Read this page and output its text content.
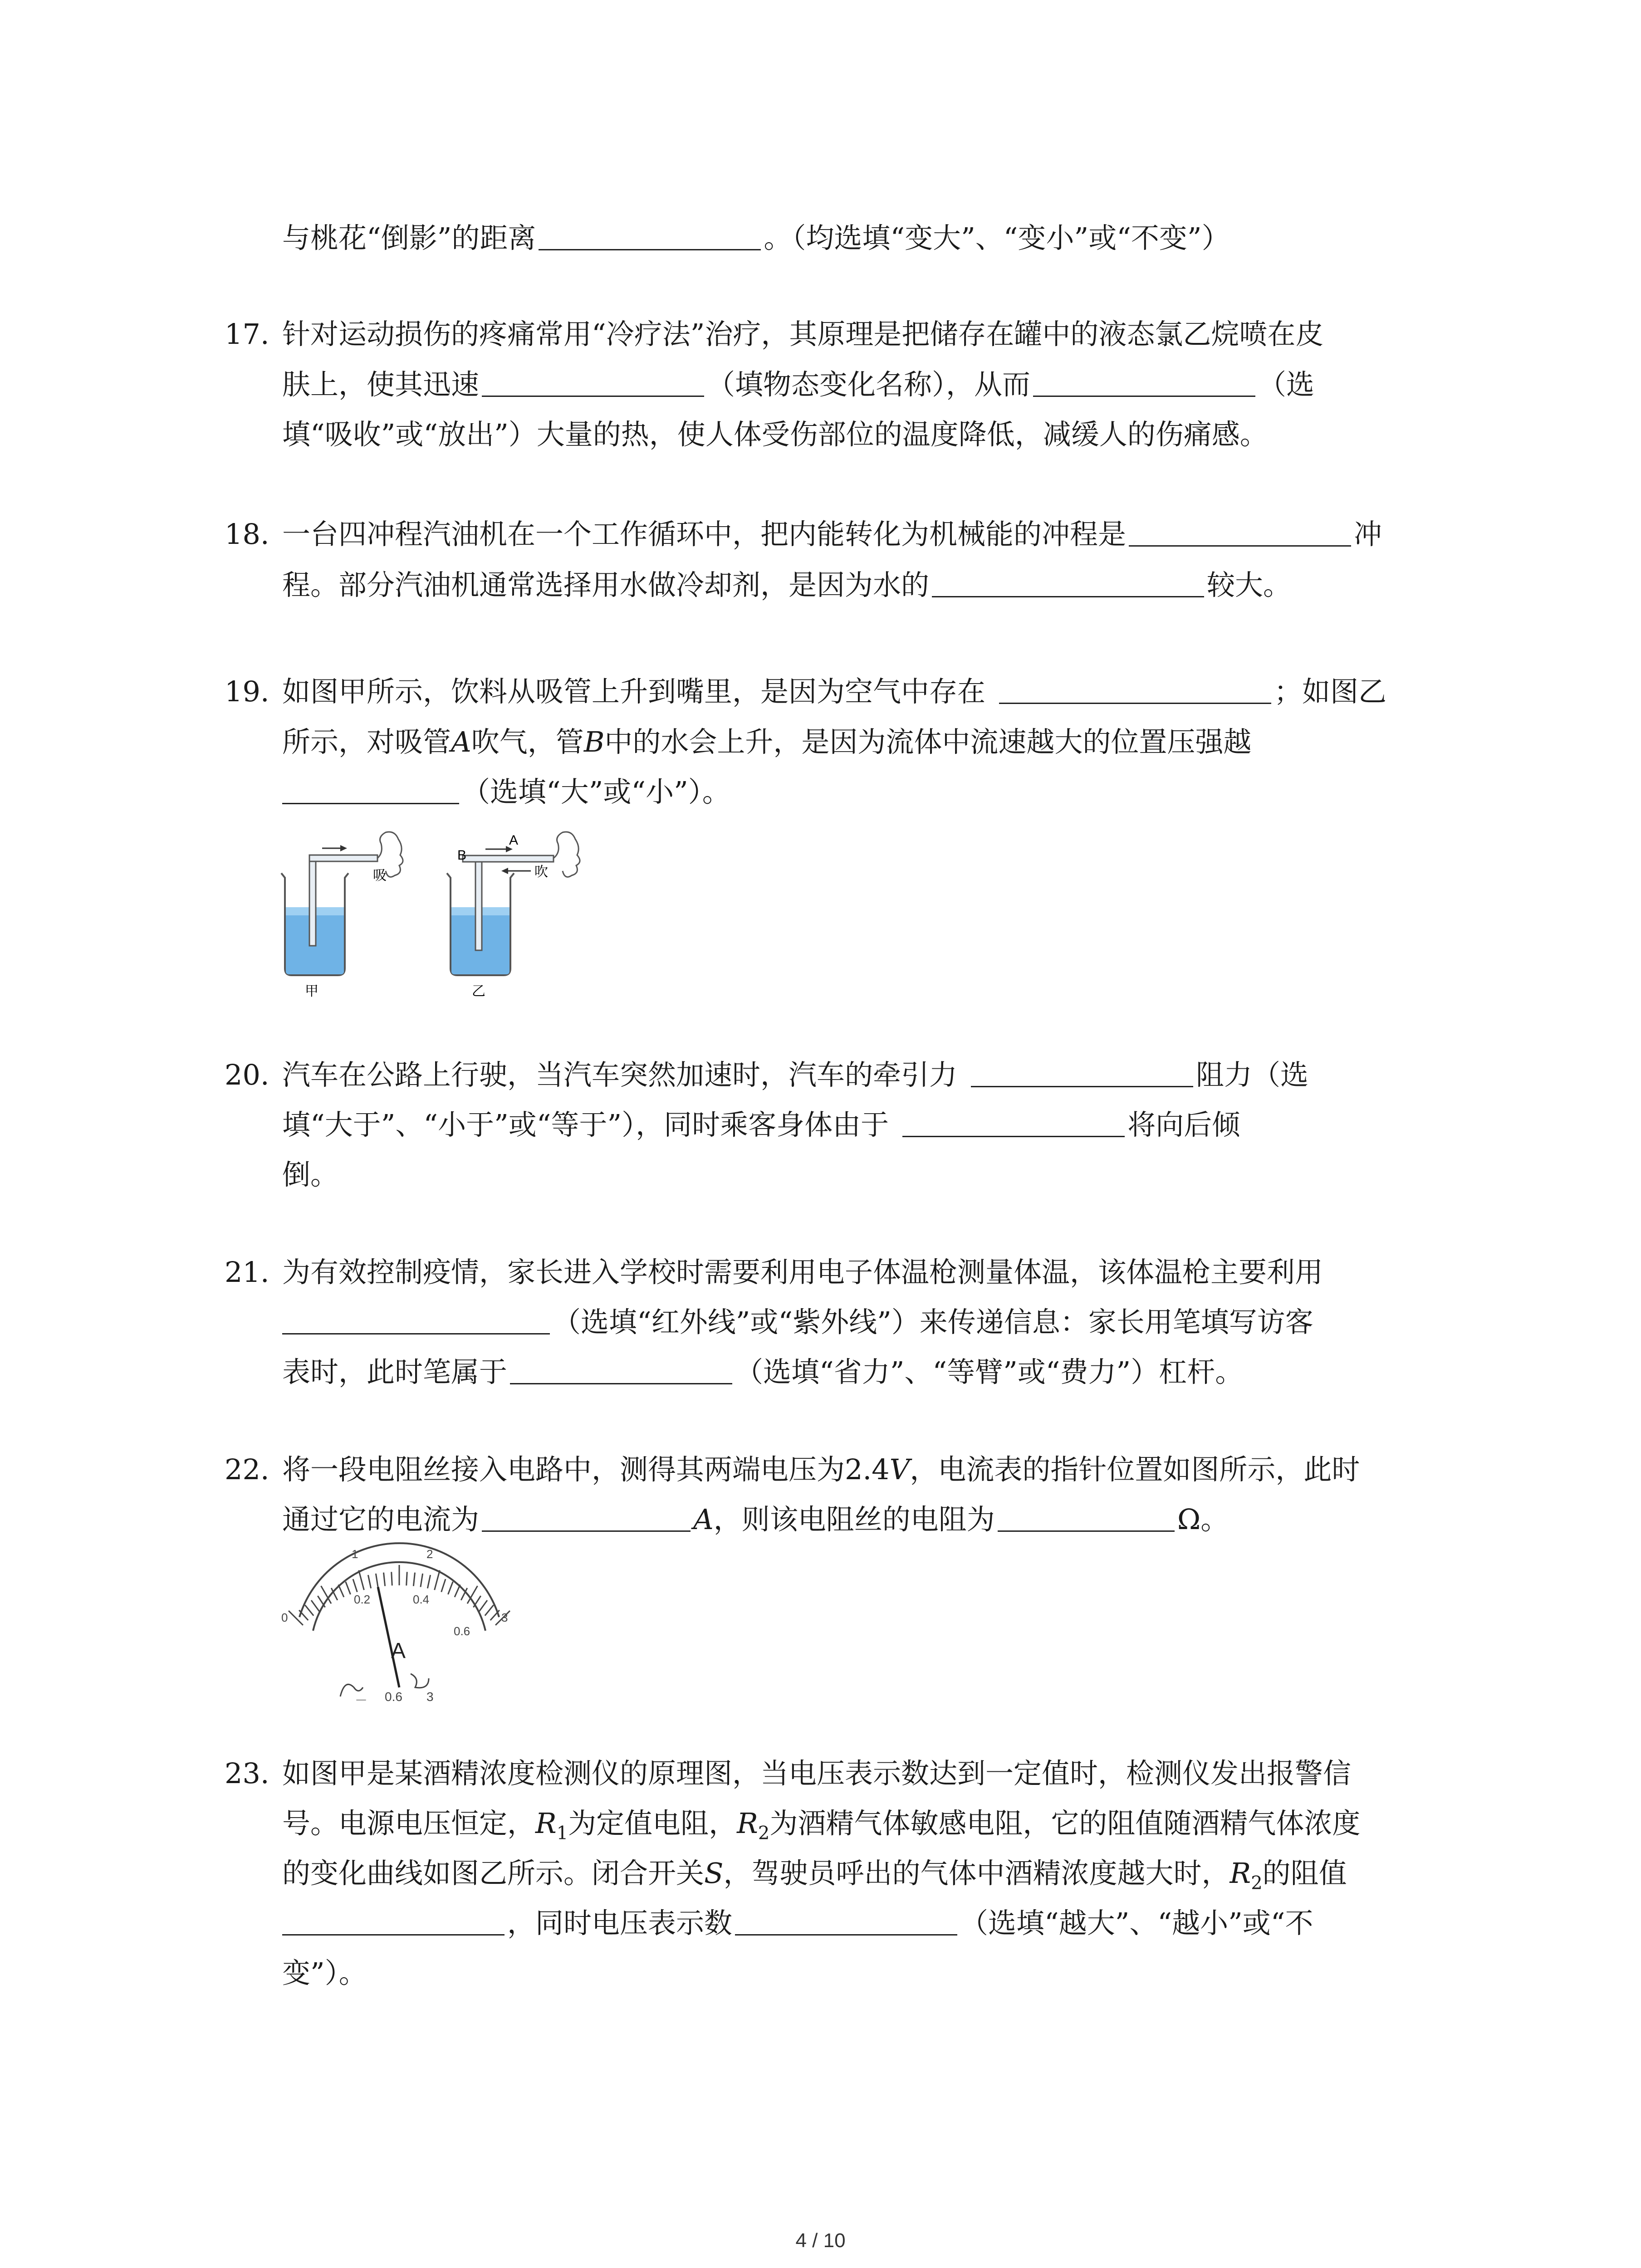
与桃花“倒影”的距离	。（均选填“变大”、“变小”或“不变”）
17. 针对运动损伤的疼痛常用“冷疗法”治疗，其原理是把储存在罐中的液态氯乙烷喷在皮
肤上，使其迅速	（填物态变化名称），从而	（选
填“吸收”或“放出”）大量的热，使人体受伤部位的温度降低，减缓人的伤痛感。
18. 一台四冲程汽油机在一个工作循环中，把内能转化为机械能的冲程是	冲
程。部分汽油机通常选择用水做冷却剂，是因为水的	较大。
19. 如图甲所示，饮料从吸管上升到嘴里，是因为空气中存在	；如图乙
所示，对吸管A吹气，管B中的水会上升，是因为流体中流速越大的位置压强越
（选填“大”或“小”）。
吸
A
B
吹
甲	乙
20. 汽车在公路上行驶，当汽车突然加速时，汽车的牵引力	阻力（选
填“大于”、“小于”或“等于”），同时乘客身体由于	将向后倾
倒。
21. 为有效控制疫情，家长进入学校时需要利用电子体温枪测量体温，该体温枪主要利用
（选填“红外线”或“紫外线”）来传递信息：家长用笔填写访客
表时，此时笔属于	（选填“省力”、“等臂”或“费力”）杠杆。
22. 将一段电阻丝接入电路中，测得其两端电压为2.4V，电流表的指针位置如图所示，此时
通过它的电流为	A，则该电阻丝的电阻为	Ω。
0
1	2
3
0.2	0.4
0.6
A
－ 0.6 3
23. 如图甲是某酒精浓度检测仪的原理图，当电压表示数达到一定值时，检测仪发出报警信
号。电源电压恒定，$R_1$为定值电阻，$R_2$为酒精气体敏感电阻，它的阻值随酒精气体浓度
的变化曲线如图乙所示。闭合开关S，驾驶员呼出的气体中酒精浓度越大时，$R_2$的阻值
，同时电压表示数	（选填“越大”、“越小”或“不
变”）。
4 / 10
